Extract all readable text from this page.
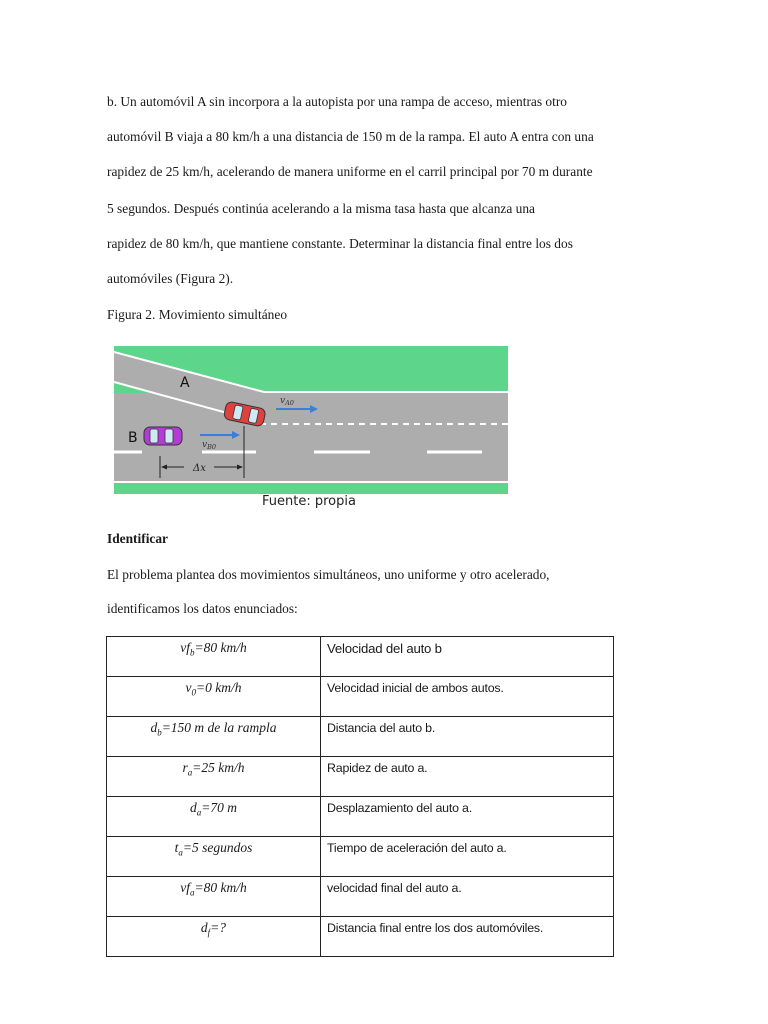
b. Un automóvil A sin incorpora a la autopista por una rampa de acceso, mientras otro
automóvil B viaja a 80 km/h a una distancia de 150 m de la rampa. El auto A entra con una
rapidez de 25 km/h, acelerando de manera uniforme en el carril principal por 70 m durante
5 segundos. Después continúa acelerando a la misma tasa hasta que alcanza una
rapidez de 80 km/h, que mantiene constante. Determinar la distancia final entre los dos
automóviles (Figura 2).
Figura 2. Movimiento simultáneo
A
$v_{A0}$
B	$v_{B0}$
Δx
Fuente: propia
Identificar
El problema plantea dos movimientos simultáneos, uno uniforme y otro acelerado,
identificamos los datos enunciados:
$vf_b=80$ km/h	Velocidad del auto b
$v_0=0$ km/h	Velocidad inicial de ambos autos.
$d_b=150$ m de la rampla	Distancia del auto b.
$r_a=25$ km/h	Rapidez de auto a.
$d_a=70$ m	Desplazamiento del auto a.
$t_a=5$ segundos	Tiempo de aceleración del auto a.
$vf_a=80$ km/h	velocidad final del auto a.
$d_f=$?	Distancia final entre los dos automóviles.
